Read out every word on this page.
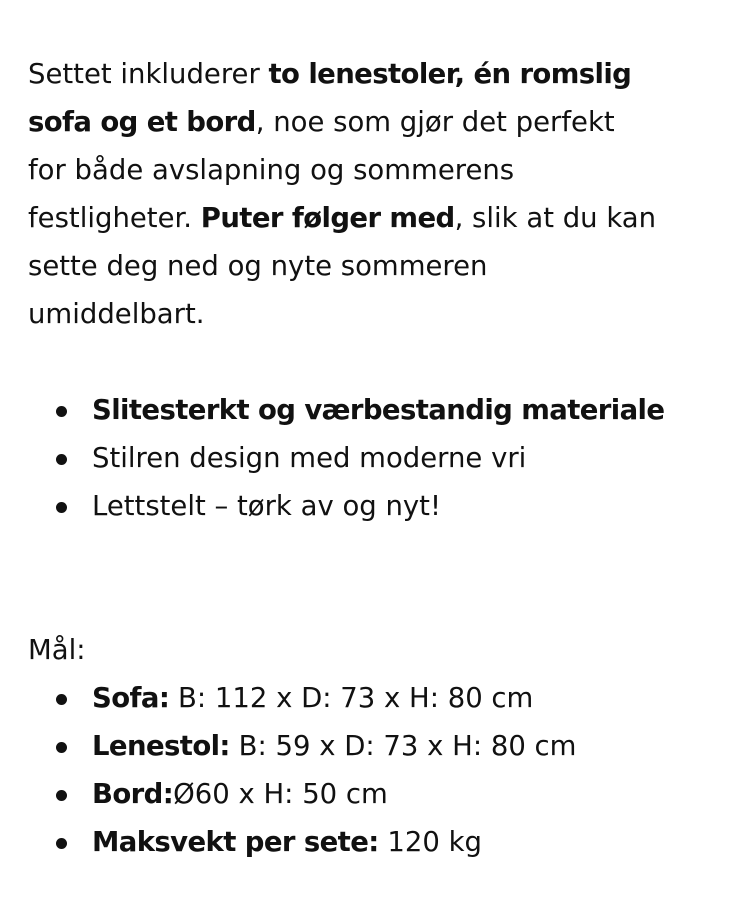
Settet inkluderer to lenestoler, én romslig
sofa og et bord, noe som gjør det perfekt
for både avslapning og sommerens
festligheter. Puter følger med, slik at du kan
sette deg ned og nyte sommeren
umiddelbart.
Slitesterkt og værbestandig materiale
Stilren design med moderne vri
Lettstelt – tørk av og nyt!
Mål:
Sofa: B: 112 x D: 73 x H: 80 cm
Lenestol: B: 59 x D: 73 x H: 80 cm
Bord:Ø60 x H: 50 cm
Maksvekt per sete: 120 kg
